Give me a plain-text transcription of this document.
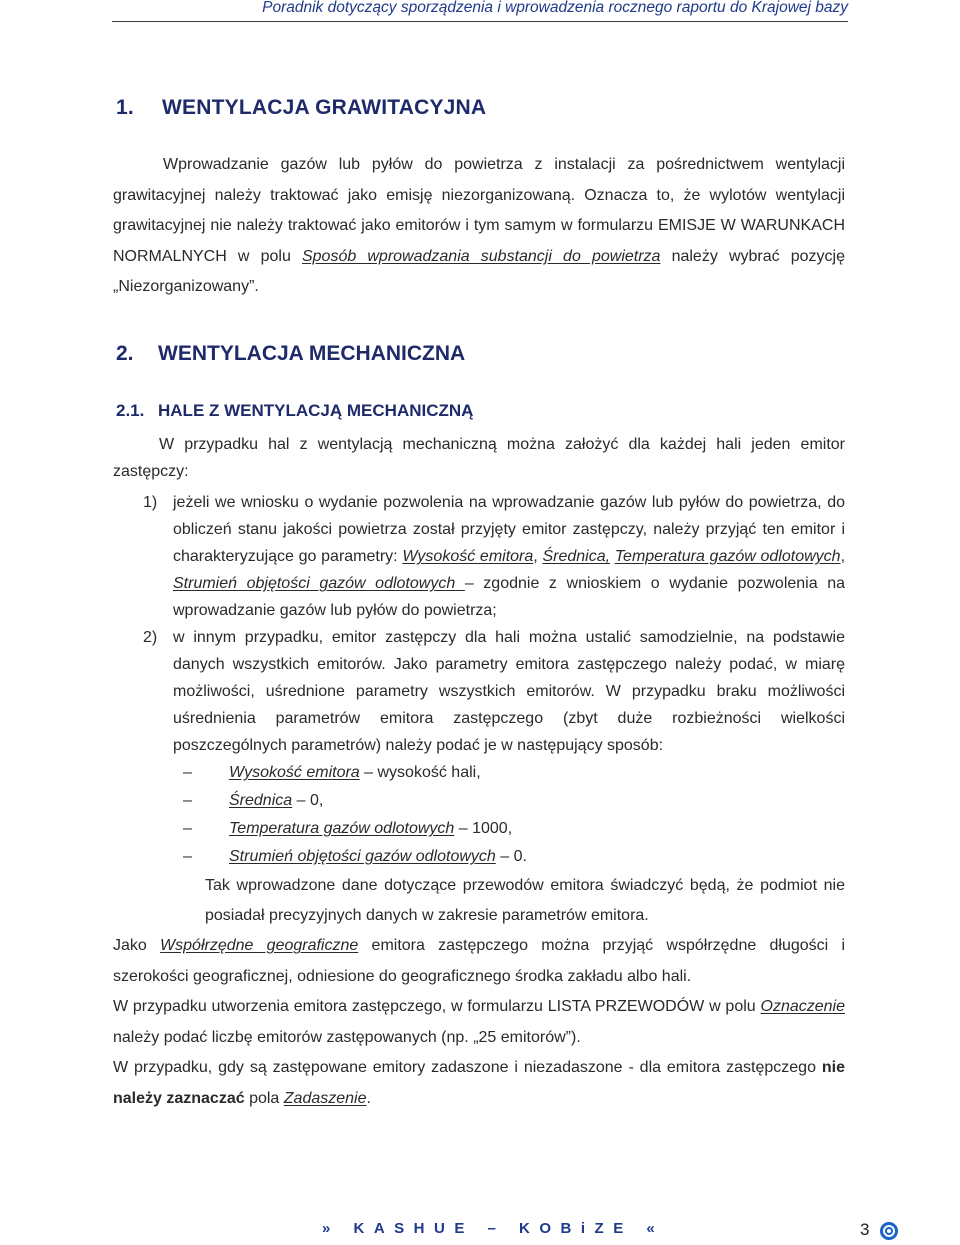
Poradnik dotyczący sporządzenia i wprowadzenia rocznego raportu do Krajowej bazy
1. WENTYLACJA GRAWITACYJNA

Wprowadzanie gazów lub pyłów do powietrza z instalacji za pośrednictwem wentylacji grawitacyjnej należy traktować jako emisję niezorganizowaną. Oznacza to, że wylotów wentylacji grawitacyjnej nie należy traktować jako emitorów i tym samym w formularzu EMISJE W WARUNKACH NORMALNYCH w polu Sposób wprowadzania substancji do powietrza należy wybrać pozycję „Niezorganizowany”.

2. WENTYLACJA MECHANICZNA
2.1. HALE Z WENTYLACJĄ MECHANICZNĄ

W przypadku hal z wentylacją mechaniczną można założyć dla każdej hali jeden emitor zastępczy:

1) jeżeli we wniosku o wydanie pozwolenia na wprowadzanie gazów lub pyłów do powietrza, do obliczeń stanu jakości powietrza został przyjęty emitor zastępczy, należy przyjąć ten emitor i charakteryzujące go parametry: Wysokość emitora, Średnica, Temperatura gazów odlotowych, Strumień objętości gazów odlotowych – zgodnie z wnioskiem o wydanie pozwolenia na wprowadzanie gazów lub pyłów do powietrza;
2) w innym przypadku, emitor zastępczy dla hali można ustalić samodzielnie, na podstawie danych wszystkich emitorów. Jako parametry emitora zastępczego należy podać, w miarę możliwości, uśrednione parametry wszystkich emitorów. W przypadku braku możliwości uśrednienia parametrów emitora zastępczego (zbyt duże rozbieżności wielkości poszczególnych parametrów) należy podać je w następujący sposób:
– Wysokość emitora – wysokość hali,
– Średnica – 0,
– Temperatura gazów odlotowych – 1000,
– Strumień objętości gazów odlotowych – 0.

Tak wprowadzone dane dotyczące przewodów emitora świadczyć będą, że podmiot nie posiadał precyzyjnych danych w zakresie parametrów emitora.

Jako Współrzędne geograficzne emitora zastępczego można przyjąć współrzędne długości i szerokości geograficznej, odniesione do geograficznego środka zakładu albo hali.

W przypadku utworzenia emitora zastępczego, w formularzu LISTA PRZEWODÓW w polu Oznaczenie należy podać liczbę emitorów zastępowanych (np. „25 emitorów”).

W przypadku, gdy są zastępowane emitory zadaszone i niezadaszone - dla emitora zastępczego nie należy zaznaczać pola Zadaszenie.

» KASHUE – KOBiZE «	3
